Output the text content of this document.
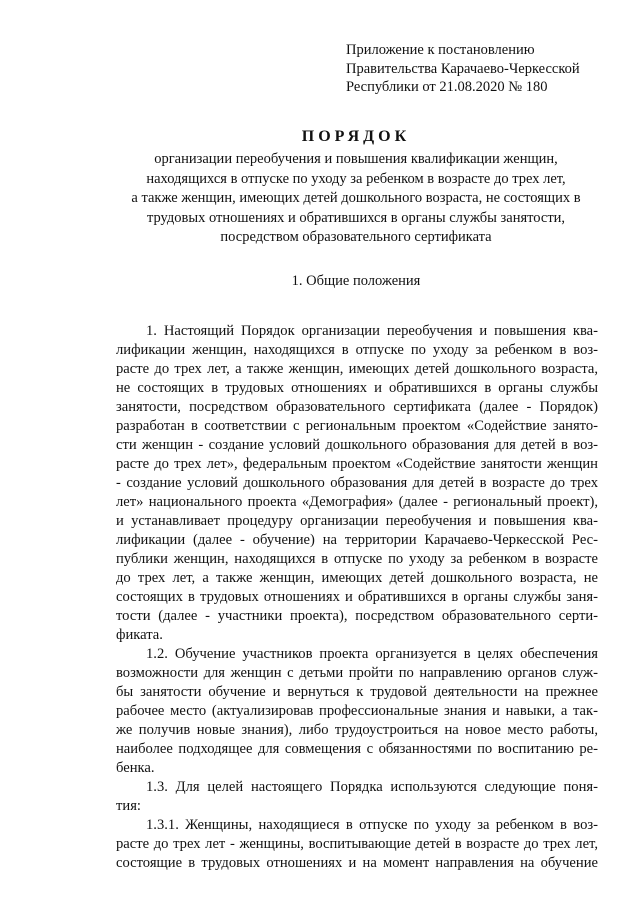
Приложение к постановлению
Правительства Карачаево-Черкесской
Республики от 21.08.2020 № 180
ПОРЯДОК
организации переобучения и повышения квалификации женщин,
находящихся в отпуске по уходу за ребенком в возрасте до трех лет,
а также женщин, имеющих детей дошкольного возраста, не состоящих в
трудовых отношениях и обратившихся в органы службы занятости,
посредством образовательного сертификата
1. Общие положения
1. Настоящий Порядок организации переобучения и повышения ква-
лификации женщин, находящихся в отпуске по уходу за ребенком в воз-
расте до трех лет, а также женщин, имеющих детей дошкольного возраста,
не состоящих в трудовых отношениях и обратившихся в органы службы
занятости, посредством образовательного сертификата (далее - Порядок)
разработан в соответствии с региональным проектом «Содействие занято-
сти женщин - создание условий дошкольного образования для детей в воз-
расте до трех лет», федеральным проектом «Содействие занятости женщин
- создание условий дошкольного образования для детей в возрасте до трех
лет» национального проекта «Демография» (далее - региональный проект),
и устанавливает процедуру организации переобучения и повышения ква-
лификации (далее - обучение) на территории Карачаево-Черкесской Рес-
публики женщин, находящихся в отпуске по уходу за ребенком в возрасте
до трех лет, а также женщин, имеющих детей дошкольного возраста, не
состоящих в трудовых отношениях и обратившихся в органы службы заня-
тости (далее - участники проекта), посредством образовательного серти-
фиката.
1.2. Обучение участников проекта организуется в целях обеспечения
возможности для женщин с детьми пройти по направлению органов служ-
бы занятости обучение и вернуться к трудовой деятельности на прежнее
рабочее место (актуализировав профессиональные знания и навыки, а так-
же получив новые знания), либо трудоустроиться на новое место работы,
наиболее подходящее для совмещения с обязанностями по воспитанию ре-
бенка.
1.3. Для целей настоящего Порядка используются следующие поня-
тия:
1.3.1. Женщины, находящиеся в отпуске по уходу за ребенком в воз-
расте до трех лет - женщины, воспитывающие детей в возрасте до трех лет,
состоящие в трудовых отношениях и на момент направления на обучение
